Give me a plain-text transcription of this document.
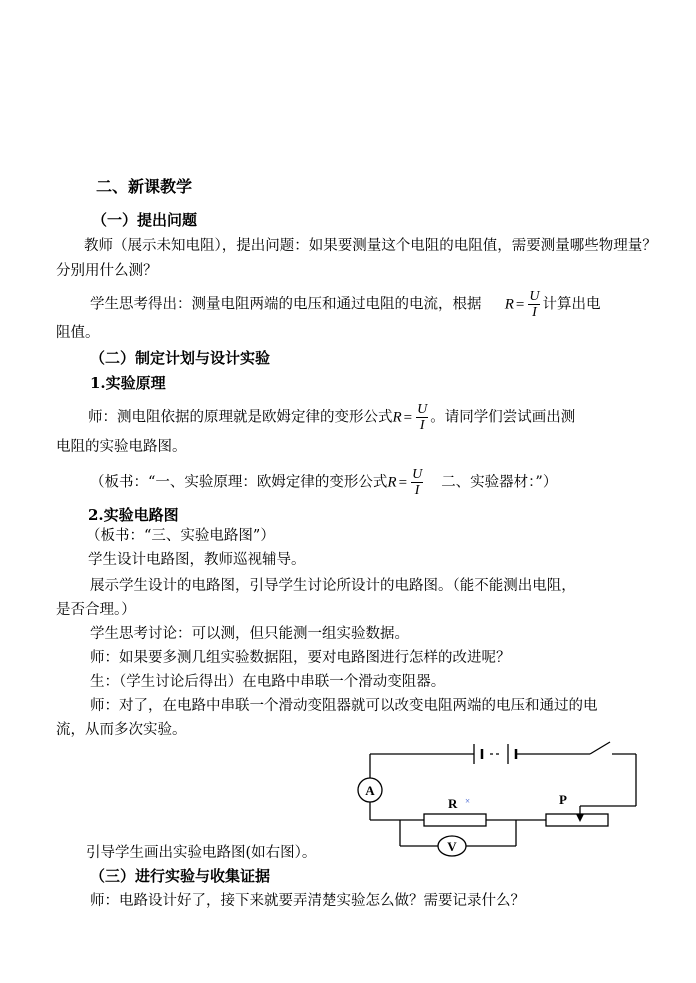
二、新课教学
（一）提出问题
教师（展示未知电阻），提出问题：如果要测量这个电阻的电阻值，需要测量哪些物理量？
分别用什么测？
学生思考得出：测量电阻两端的电压和通过电阻的电流，根据 $R = \frac{U}{I}$ 计算出电
阻值。
（二）制定计划与设计实验
1.实验原理
师：测电阻依据的原理就是欧姆定律的变形公式$R = \frac{U}{I}$ 。请同学们尝试画出测
电阻的实验电路图。
（板书：“一、实验原理：欧姆定律的变形公式$R = \frac{U}{I}$ 二、实验器材：”）
2.实验电路图
（板书：“三、实验电路图”）
学生设计电路图，教师巡视辅导。
展示学生设计的电路图，引导学生讨论所设计的电路图。（能不能测出电阻，
是否合理。）
学生思考讨论：可以测，但只能测一组实验数据。
师：如果要多测几组实验数据阻，要对电路图进行怎样的改进呢？
生：（学生讨论后得出）在电路中串联一个滑动变阻器。
师：对了，在电路中串联一个滑动变阻器就可以改变电阻两端的电压和通过的电
流，从而多次实验。
A
V
R ×	P
引导学生画出实验电路图(如右图）。
（三）进行实验与收集证据
师：电路设计好了，接下来就要弄清楚实验怎么做？需要记录什么？
